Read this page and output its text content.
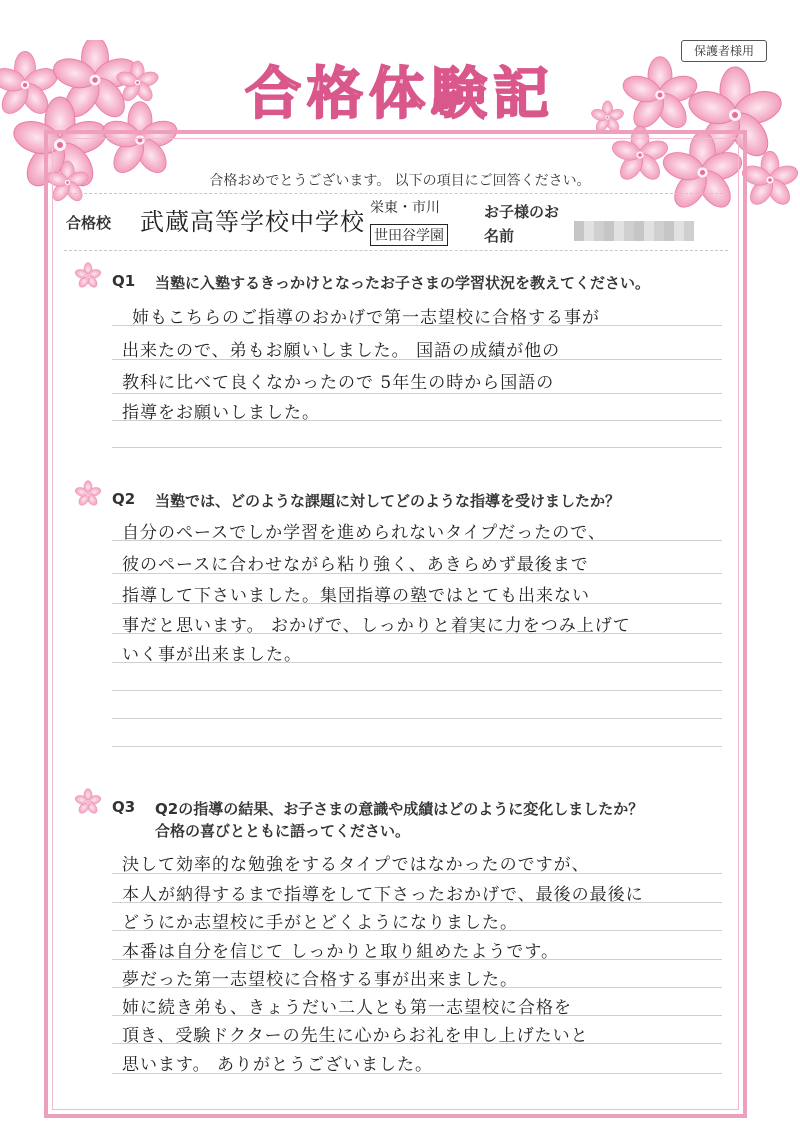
保護者様用
合格体験記
合格おめでとうございます。 以下の項目にご回答ください。
合格校 武蔵高等学校中学校 栄東・市川
世田谷学園
お子様のお名前
Q1 当塾に入塾するきっかけとなったお子さまの学習状況を教えてください。
姉もこちらのご指導のおかげで第一志望校に合格する事が
出来たので、弟もお願いしました。 国語の成績が他の
教科に比べて良くなかったので 5年生の時から国語の
指導をお願いしました。
Q2 当塾では、どのような課題に対してどのような指導を受けましたか？
自分のペースでしか学習を進められないタイプだったので、
彼のペースに合わせながら粘り強く、あきらめず最後まで
指導して下さいました。集団指導の塾ではとても出来ない
事だと思います。 おかげで、しっかりと着実に力をつみ上げて
いく事が出来ました。
Q3 Q2の指導の結果、お子さまの意識や成績はどのように変化しましたか？
合格の喜びとともに語ってください。
決して効率的な勉強をするタイプではなかったのですが、
本人が納得するまで指導をして下さったおかげで、最後の最後に
どうにか志望校に手がとどくようになりました。
本番は自分を信じて しっかりと取り組めたようです。
夢だった第一志望校に合格する事が出来ました。
姉に続き弟も、きょうだい二人とも第一志望校に合格を
頂き、受験ドクターの先生に心からお礼を申し上げたいと
思います。 ありがとうございました。
